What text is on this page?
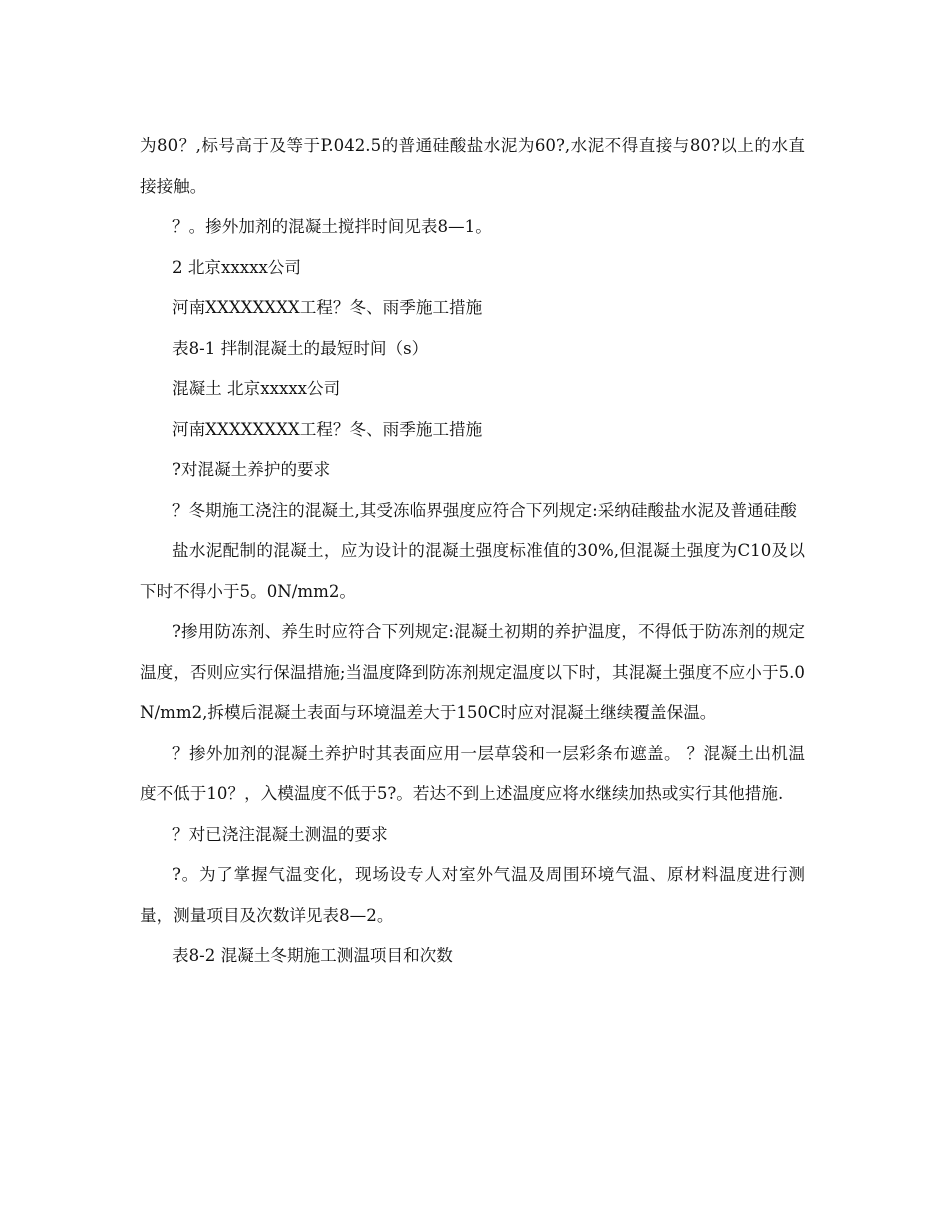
为80？,标号高于及等于P.042.5的普通硅酸盐水泥为60?,水泥不得直接与80?以上的水直接接触。

？。掺外加剂的混凝土搅拌时间见表8—1。

2 北京xxxxx公司

河南XXXXXXXX工程？冬、雨季施工措施

表8-1 拌制混凝土的最短时间（s）

混凝土 北京xxxxx公司

河南XXXXXXXX工程？冬、雨季施工措施

?对混凝土养护的要求

？冬期施工浇注的混凝土,其受冻临界强度应符合下列规定:采纳硅酸盐水泥及普通硅酸

盐水泥配制的混凝土，应为设计的混凝土强度标准值的30%,但混凝土强度为C10及以下时不得小于5。0N/mm2。

?掺用防冻剂、养生时应符合下列规定:混凝土初期的养护温度，不得低于防冻剂的规定温度，否则应实行保温措施;当温度降到防冻剂规定温度以下时，其混凝土强度不应小于5.0N/mm2,拆模后混凝土表面与环境温差大于150C时应对混凝土继续覆盖保温。

？掺外加剂的混凝土养护时其表面应用一层草袋和一层彩条布遮盖。 ？混凝土出机温度不低于10？，入模温度不低于5?。若达不到上述温度应将水继续加热或实行其他措施.

？对已浇注混凝土测温的要求

?。为了掌握气温变化，现场设专人对室外气温及周围环境气温、原材料温度进行测量，测量项目及次数详见表8—2。

表8-2 混凝土冬期施工测温项目和次数
